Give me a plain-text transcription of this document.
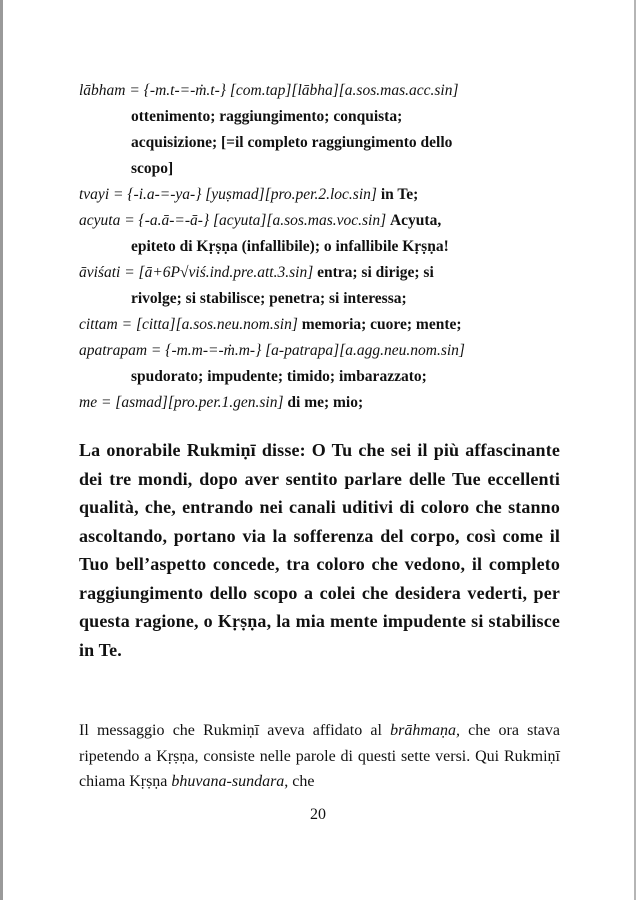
lābham = {-m.t-=-ṁ.t-} [com.tap][lābha][a.sos.mas.acc.sin]
ottenimento; raggiungimento; conquista;
acquisizione; [=il completo raggiungimento dello
scopo]
tvayi = {-i.a-=-ya-} [yuṣmad][pro.per.2.loc.sin] in Te;
acyuta = {-a.ā-=-ā-} [acyuta][a.sos.mas.voc.sin] Acyuta,
epiteto di Kṛṣṇa (infallibile); o infallibile Kṛṣṇa!
āviśati = [ā+6P√viś.ind.pre.att.3.sin] entra; si dirige; si
rivolge; si stabilisce; penetra; si interessa;
cittam = [citta][a.sos.neu.nom.sin] memoria; cuore; mente;
apatrapam = {-m.m-=-ṁ.m-} [a-patrapa][a.agg.neu.nom.sin]
spudorato; impudente; timido; imbarazzato;
me = [asmad][pro.per.1.gen.sin] di me; mio;

La onorabile Rukmiṇī disse: O Tu che sei il più affascinante dei tre mondi, dopo aver sentito parlare delle Tue eccellenti qualità, che, entrando nei canali uditivi di coloro che stanno ascoltando, portano via la sofferenza del corpo, così come il Tuo bell’aspetto concede, tra coloro che vedono, il completo raggiungimento dello scopo a colei che desidera vederti, per questa ragione, o Kṛṣṇa, la mia mente impudente si stabilisce in Te.

Il messaggio che Rukmiṇī aveva affidato al brāhmaṇa, che ora stava ripetendo a Kṛṣṇa, consiste nelle parole di questi sette versi. Qui Rukmiṇī chiama Kṛṣṇa bhuvana-sundara, che

20
